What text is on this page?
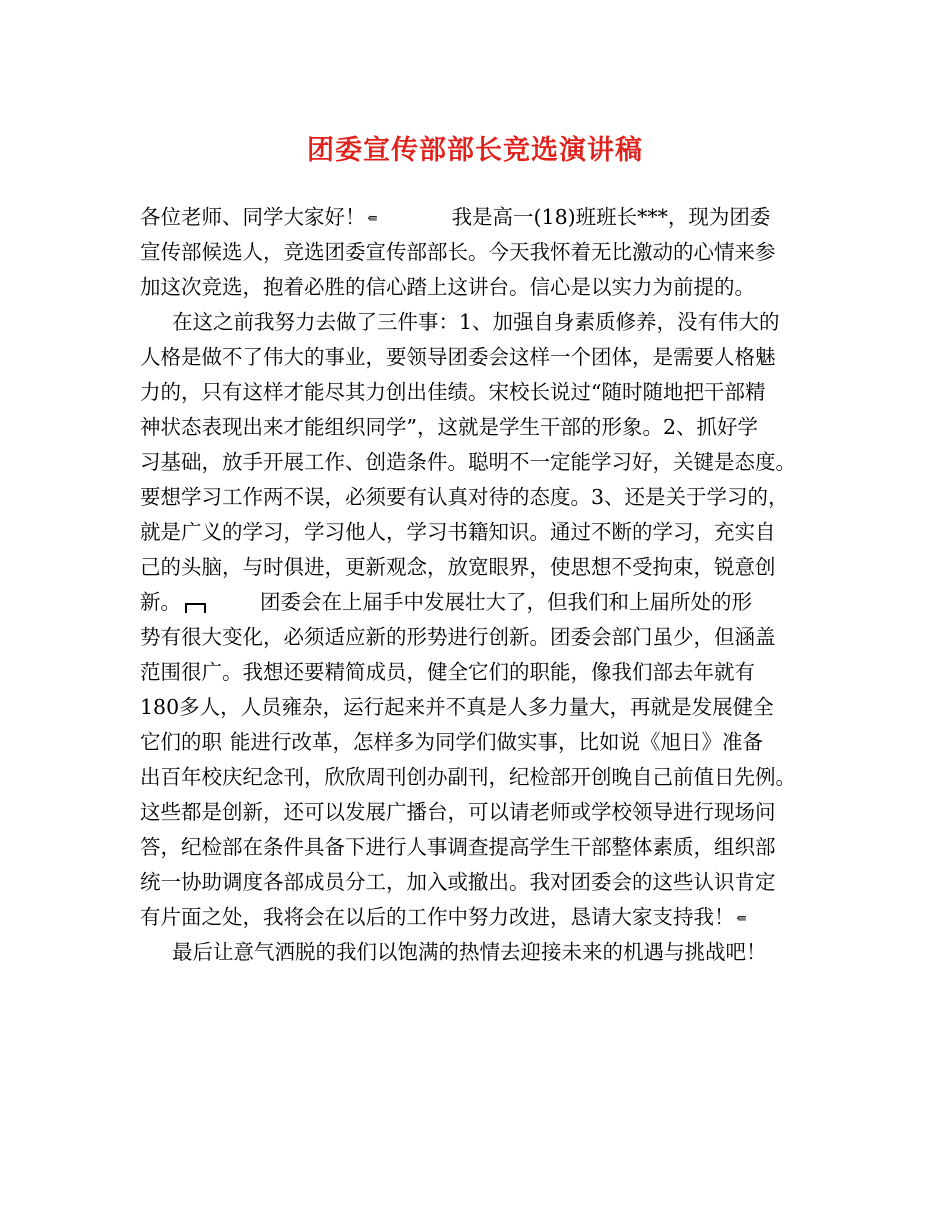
团委宣传部部长竞选演讲稿
各位老师、同学大家好！ ⇚	我是高一(18)班班长***，现为团委
宣传部候选人，竞选团委宣传部部长。今天我怀着无比激动的心情来参
加这次竞选，抱着必胜的信心踏上这讲台。信心是以实力为前提的。
在这之前我努力去做了三件事：1、加强自身素质修养，没有伟大的
人格是做不了伟大的事业，要领导团委会这样一个团体，是需要人格魅
力的，只有这样才能尽其力创出佳绩。宋校长说过“随时随地把干部精
神状态表现出来才能组织同学”，这就是学生干部的形象。2、抓好学
习基础，放手开展工作、创造条件。聪明不一定能学习好，关键是态度。
要想学习工作两不误，必须要有认真对待的态度。3、还是关于学习的，
就是广义的学习，学习他人，学习书籍知识。通过不断的学习，充实自
己的头脑，与时俱进，更新观念，放宽眼界，使思想不受拘束，锐意创
新。	团委会在上届手中发展壮大了，但我们和上届所处的形
势有很大变化，必须适应新的形势进行创新。团委会部门虽少，但涵盖
范围很广。我想还要精简成员，健全它们的职能，像我们部去年就有
180多人，人员雍杂，运行起来并不真是人多力量大，再就是发展健全
它们的职 能进行改革，怎样多为同学们做实事，比如说《旭日》准备
出百年校庆纪念刊，欣欣周刊创办副刊，纪检部开创晚自己前值日先例。
这些都是创新，还可以发展广播台，可以请老师或学校领导进行现场问
答，纪检部在条件具备下进行人事调查提高学生干部整体素质，组织部
统一协助调度各部成员分工，加入或撤出。我对团委会的这些认识肯定
有片面之处，我将会在以后的工作中努力改进，恳请大家支持我！ ⇚
最后让意气洒脱的我们以饱满的热情去迎接未来的机遇与挑战吧！
